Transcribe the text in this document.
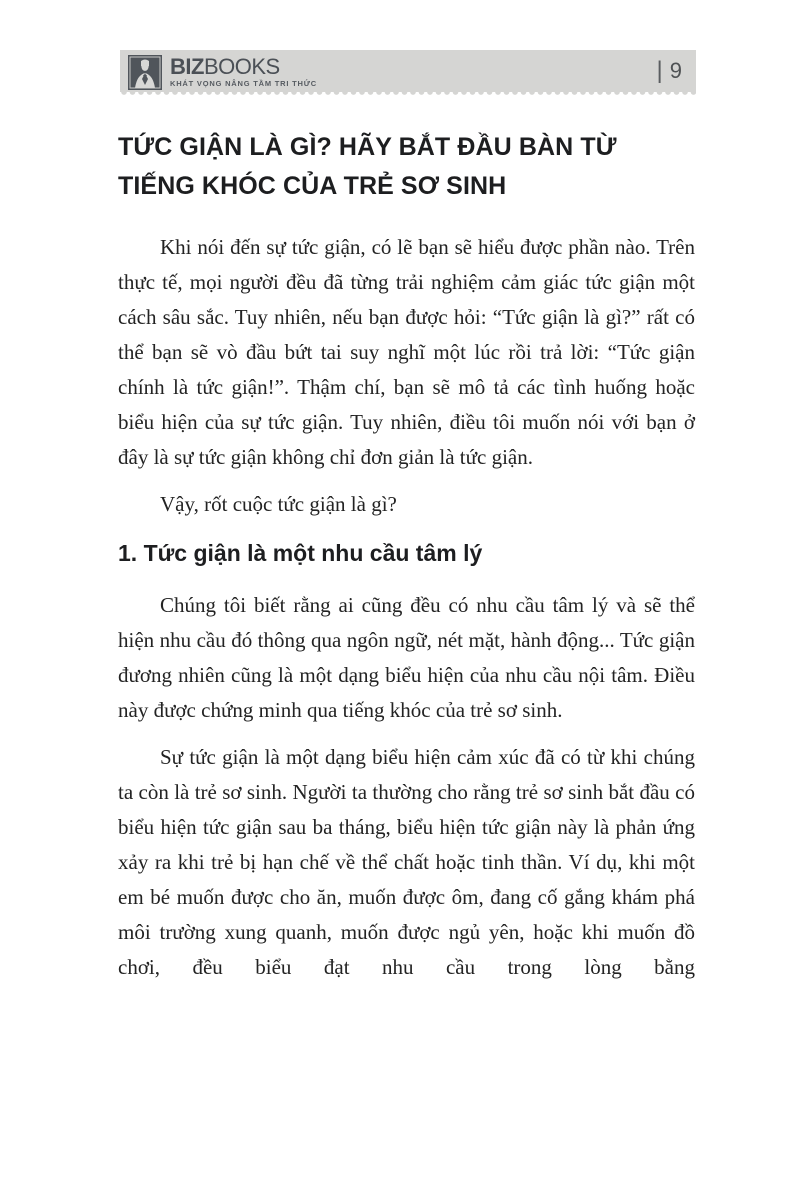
BIZBOOKS
KHÁT VỌNG NÂNG TẦM TRI THỨC	| 9
TỨC GIẬN LÀ GÌ? HÃY BẮT ĐẦU BÀN TỪ TIẾNG KHÓC CỦA TRẺ SƠ SINH

Khi nói đến sự tức giận, có lẽ bạn sẽ hiểu được phần nào. Trên thực tế, mọi người đều đã từng trải nghiệm cảm giác tức giận một cách sâu sắc. Tuy nhiên, nếu bạn được hỏi: “Tức giận là gì?” rất có thể bạn sẽ vò đầu bứt tai suy nghĩ một lúc rồi trả lời: “Tức giận chính là tức giận!”. Thậm chí, bạn sẽ mô tả các tình huống hoặc biểu hiện của sự tức giận. Tuy nhiên, điều tôi muốn nói với bạn ở đây là sự tức giận không chỉ đơn giản là tức giận.

Vậy, rốt cuộc tức giận là gì?

1. Tức giận là một nhu cầu tâm lý

Chúng tôi biết rằng ai cũng đều có nhu cầu tâm lý và sẽ thể hiện nhu cầu đó thông qua ngôn ngữ, nét mặt, hành động... Tức giận đương nhiên cũng là một dạng biểu hiện của nhu cầu nội tâm. Điều này được chứng minh qua tiếng khóc của trẻ sơ sinh.

Sự tức giận là một dạng biểu hiện cảm xúc đã có từ khi chúng ta còn là trẻ sơ sinh. Người ta thường cho rằng trẻ sơ sinh bắt đầu có biểu hiện tức giận sau ba tháng, biểu hiện tức giận này là phản ứng xảy ra khi trẻ bị hạn chế về thể chất hoặc tinh thần. Ví dụ, khi một em bé muốn được cho ăn, muốn được ôm, đang cố gắng khám phá môi trường xung quanh, muốn được ngủ yên, hoặc khi muốn đồ chơi, đều biểu đạt nhu cầu trong lòng bằng
